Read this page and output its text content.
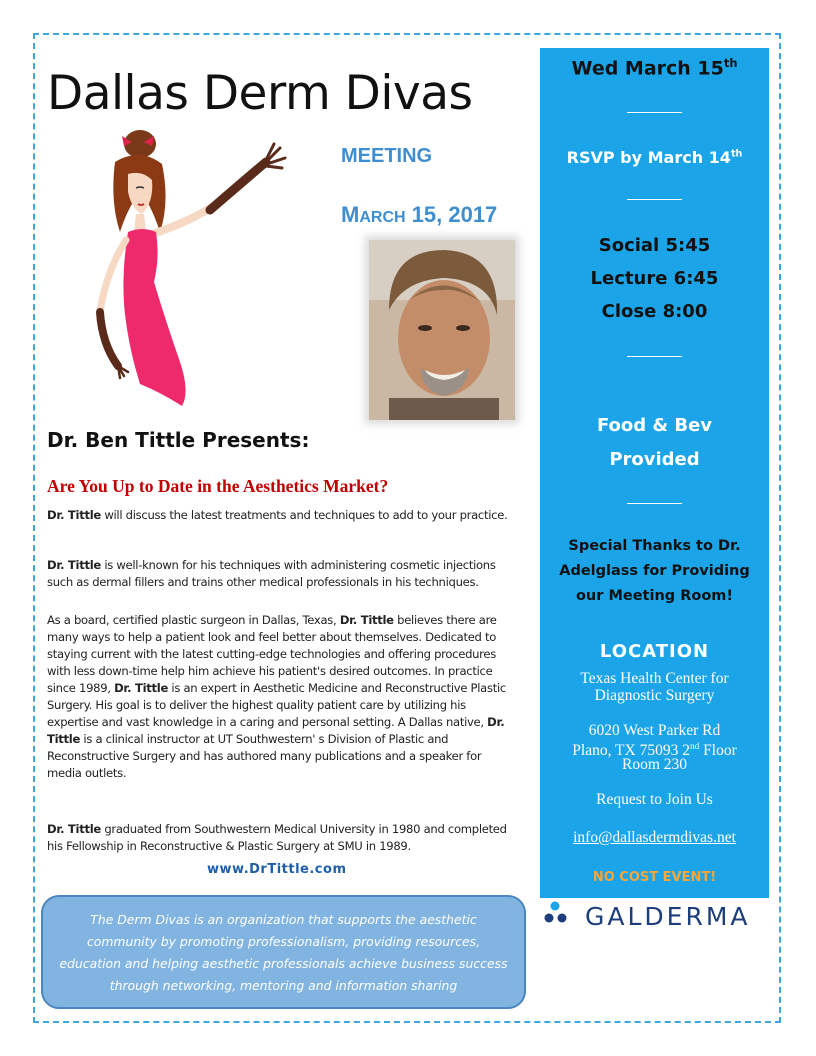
Dallas Derm Divas
MEETING
MARCH 15, 2017
Dr. Ben Tittle Presents:
Are You Up to Date in the Aesthetics Market?
Dr. Tittle will discuss the latest treatments and techniques to add to your practice.
Dr. Tittle is well-known for his techniques with administering cosmetic injections such as dermal fillers and trains other medical professionals in his techniques.
As a board, certified plastic surgeon in Dallas, Texas, Dr. Tittle believes there are many ways to help a patient look and feel better about themselves. Dedicated to staying current with the latest cutting-edge technologies and offering procedures with less down-time help him achieve his patient's desired outcomes. In practice since 1989, Dr. Tittle is an expert in Aesthetic Medicine and Reconstructive Plastic Surgery. His goal is to deliver the highest quality patient care by utilizing his expertise and vast knowledge in a caring and personal setting. A Dallas native, Dr. Tittle is a clinical instructor at UT Southwestern' s Division of Plastic and Reconstructive Surgery and has authored many publications and a speaker for media outlets.
Dr. Tittle graduated from Southwestern Medical University in 1980 and completed his Fellowship in Reconstructive & Plastic Surgery at SMU in 1989.
www.DrTittle.com
The Derm Divas is an organization that supports the aesthetic community by promoting professionalism, providing resources, education and helping aesthetic professionals achieve business success through networking, mentoring and information sharing
Wed March 15th
RSVP by March 14th
Social 5:45
Lecture 6:45
Close 8:00
Food & Bev
Provided
Special Thanks to Dr.
Adelglass for Providing
our Meeting Room!
LOCATION
Texas Health Center for
Diagnostic Surgery
6020 West Parker Rd
Plano, TX 75093 2nd Floor
Room 230
Request to Join Us
info@dallasdermdivas.net
NO COST EVENT!
GALDERMA
